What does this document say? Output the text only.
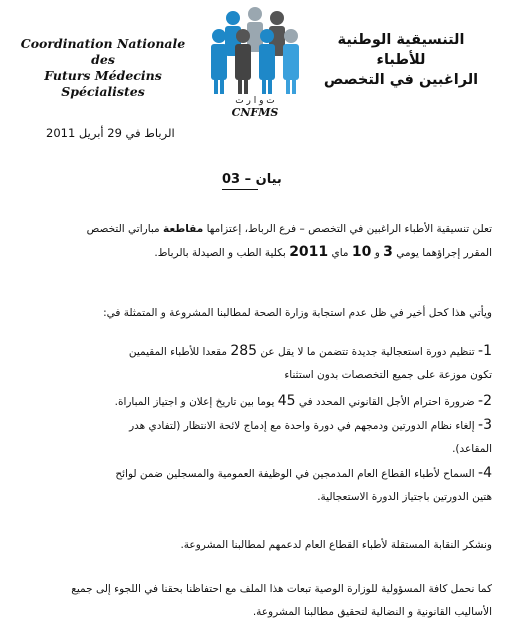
Coordination Nationale des
Futurs Médecins Spécialistes
ت و ا ر ت
CNFMS
التنسيقية الوطنية للأطباء
الراغبين في التخصص
الرباط في 29 أبريل 2011
بيان – 03
تعلن تنسيقية الأطباء الراغبين في التخصص – فرع الرباط، إعتزامها مقاطعة مباراتي التخصص
المقرر إجراؤهما يومي 3 و 10 ماي 2011 بكلية الطب و الصيدلة بالرباط.
ويأتي هذا كحل أخير في ظل عدم استجابة وزارة الصحة لمطالبنا المشروعة و المتمثلة في:
1- تنظيم دورة استعجالية جديدة تتضمن ما لا يقل عن 285 مقعدا للأطباء المقيمين
تكون موزعة على جميع التخصصات بدون استثناء
2- ضرورة احترام الأجل القانوني المحدد في 45 يوما بين تاريخ إعلان و اجتياز المباراة.
3- إلغاء نظام الدورتين ودمجهم في دورة واحدة مع إدماج لائحة الانتظار (لتفادي هدر
المقاعد).
4- السماح لأطباء القطاع العام المدمجين في الوظيفة العمومية والمسجلين ضمن لوائح
هتين الدورتين باجتياز الدورة الاستعجالية.
ونشكر النقابة المستقلة لأطباء القطاع العام لدعمهم لمطالبنا المشروعة.
كما نحمل كافة المسؤولية للوزارة الوصية تبعات هذا الملف مع احتفاظنا بحقنا في اللجوء إلى جميع
الأساليب القانونية و النضالية لتحقيق مطالبنا المشروعة.
